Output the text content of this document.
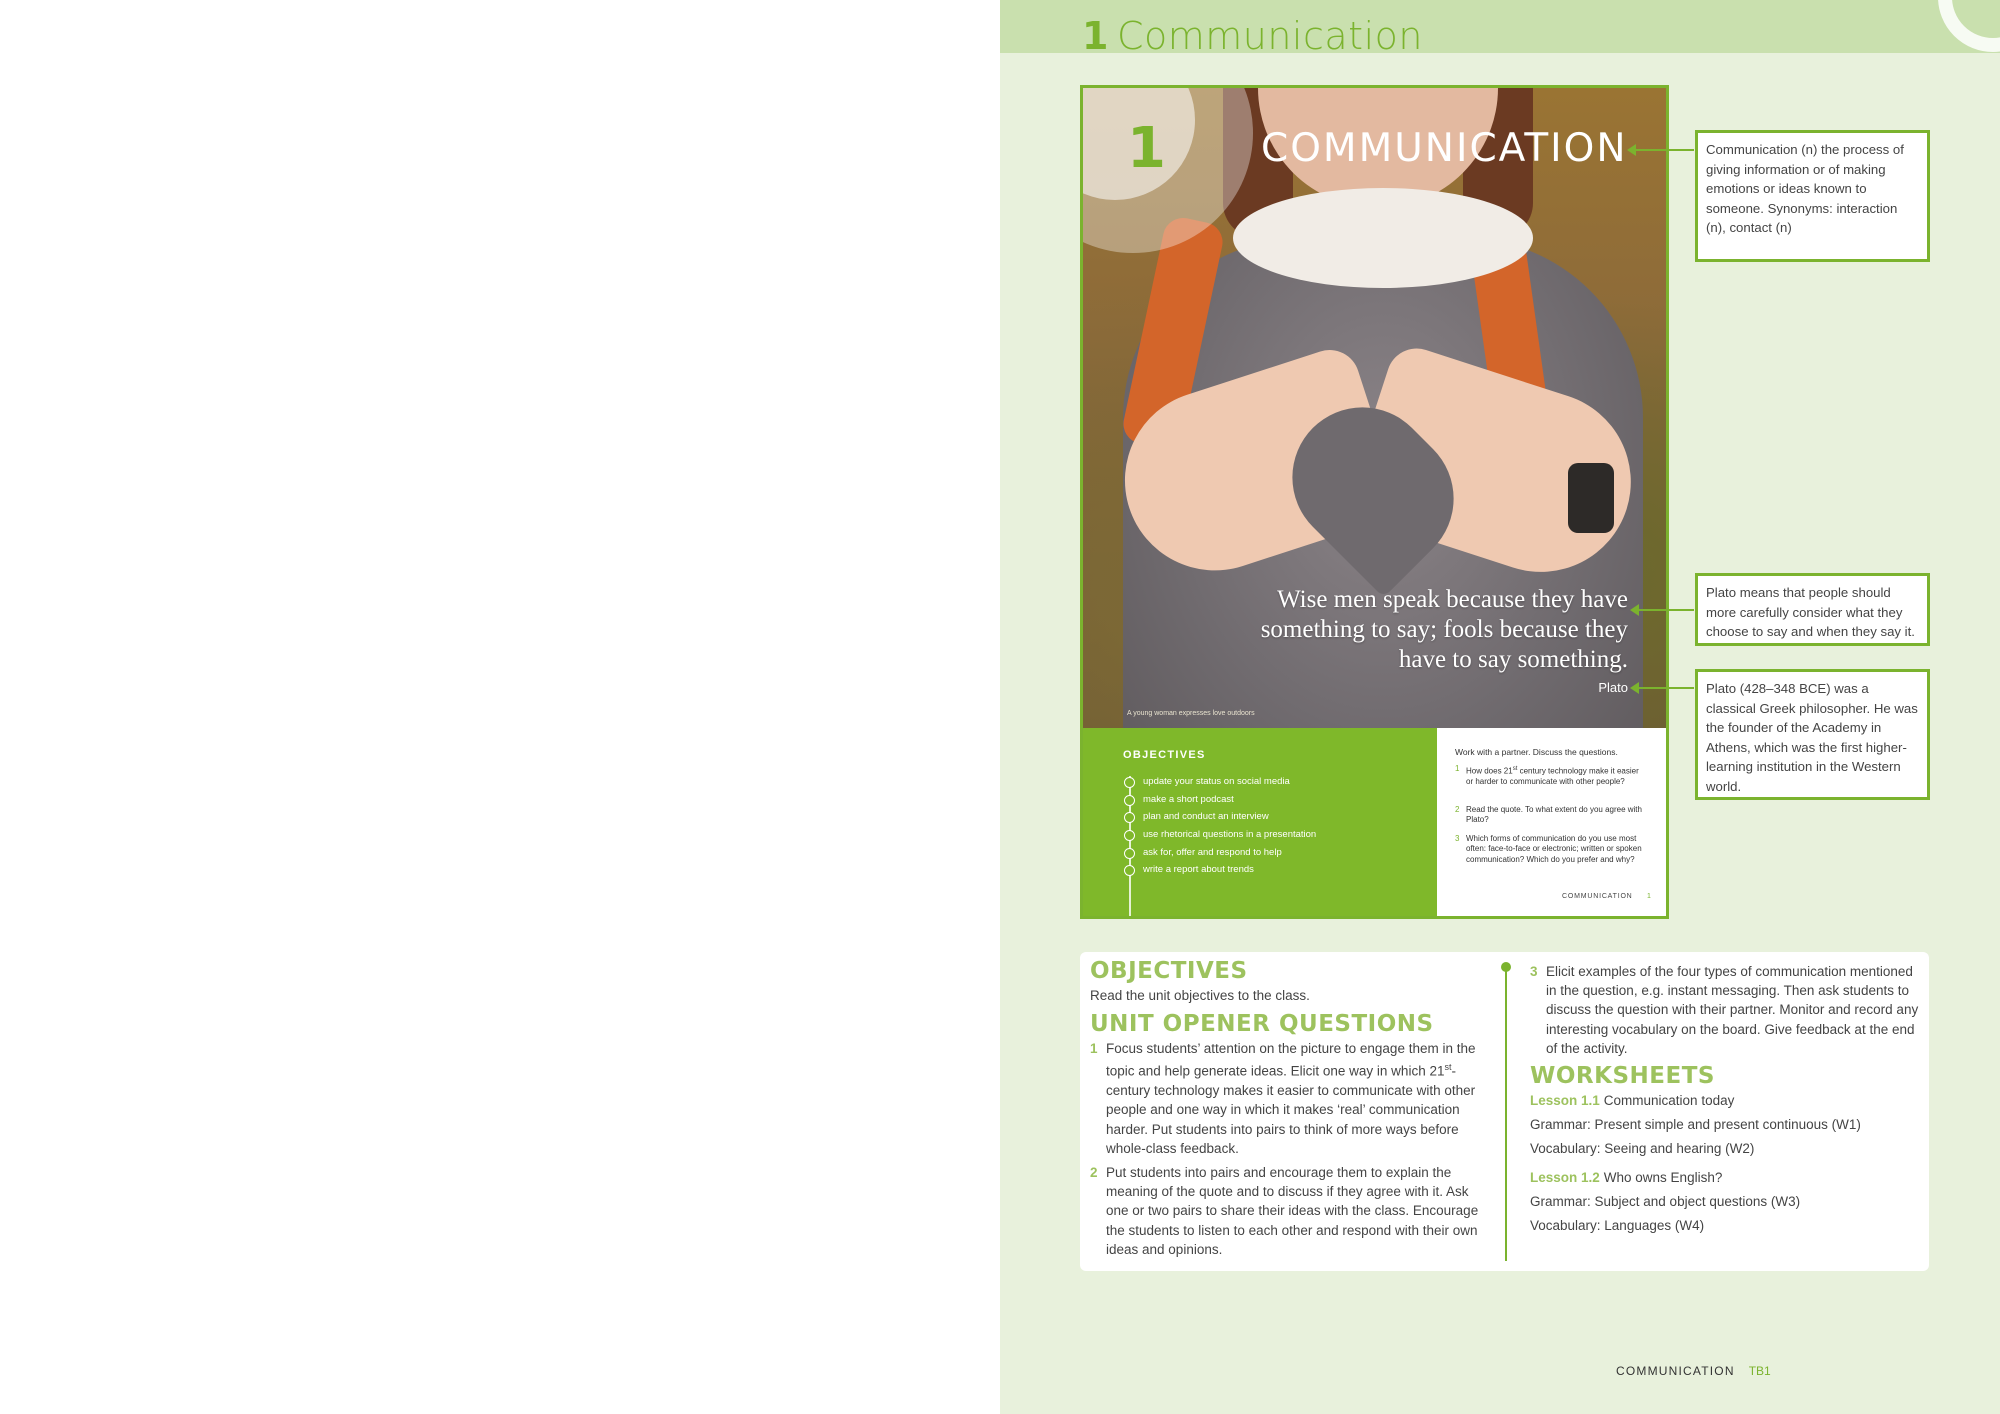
1 Communication
1 COMMUNICATION
Wise men speak because they have something to say; fools because they have to say something.
Plato
A young woman expresses love outdoors
OBJECTIVES
update your status on social media
make a short podcast
plan and conduct an interview
use rhetorical questions in a presentation
ask for, offer and respond to help
write a report about trends
Work with a partner. Discuss the questions.
1 How does 21st century technology make it easier or harder to communicate with other people?
2 Read the quote. To what extent do you agree with Plato?
3 Which forms of communication do you use most often: face-to-face or electronic; written or spoken communication? Which do you prefer and why?
COMMUNICATION 1
Communication (n) the process of giving information or of making emotions or ideas known to someone. Synonyms: interaction (n), contact (n)
Plato means that people should more carefully consider what they choose to say and when they say it.
Plato (428–348 BCE) was a classical Greek philosopher. He was the founder of the Academy in Athens, which was the first higher-learning institution in the Western world.
OBJECTIVES
Read the unit objectives to the class.
UNIT OPENER QUESTIONS
1 Focus students’ attention on the picture to engage them in the topic and help generate ideas. Elicit one way in which 21st-century technology makes it easier to communicate with other people and one way in which it makes ‘real’ communication harder. Put students into pairs to think of more ways before whole-class feedback.
2 Put students into pairs and encourage them to explain the meaning of the quote and to discuss if they agree with it. Ask one or two pairs to share their ideas with the class. Encourage the students to listen to each other and respond with their own ideas and opinions.
3 Elicit examples of the four types of communication mentioned in the question, e.g. instant messaging. Then ask students to discuss the question with their partner. Monitor and record any interesting vocabulary on the board. Give feedback at the end of the activity.
WORKSHEETS
Lesson 1.1 Communication today
Grammar: Present simple and present continuous (W1)
Vocabulary: Seeing and hearing (W2)
Lesson 1.2 Who owns English?
Grammar: Subject and object questions (W3)
Vocabulary: Languages (W4)
COMMUNICATION TB1
